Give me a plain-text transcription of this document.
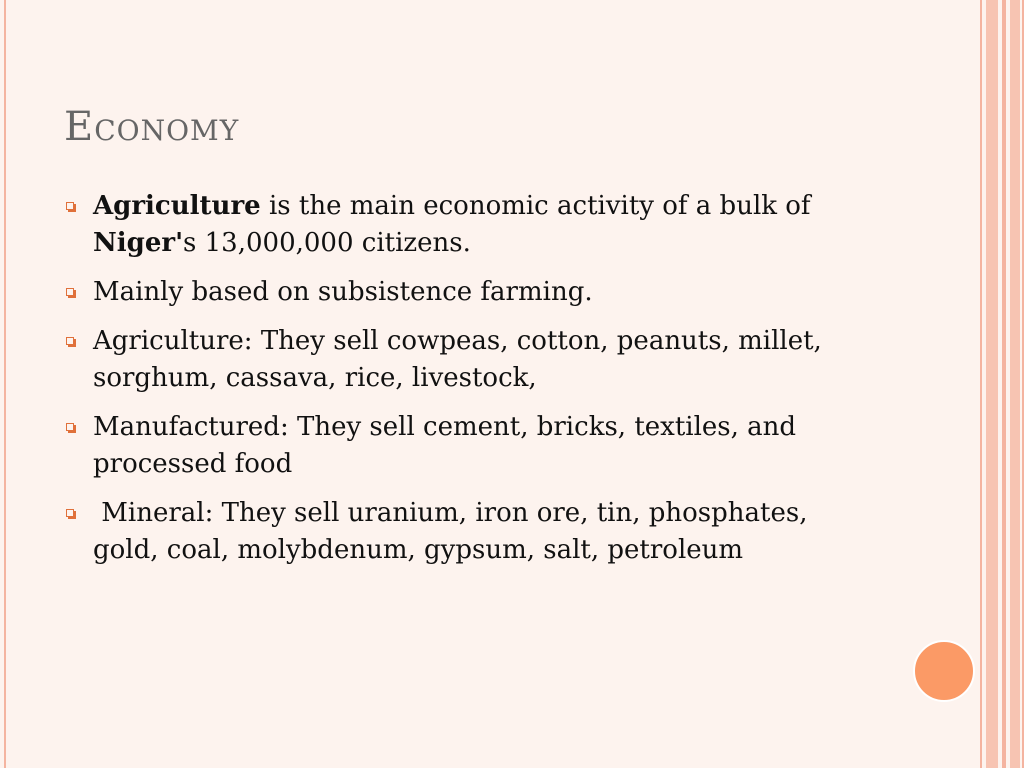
ECONOMY
Agriculture is the main economic activity of a bulk of Niger's 13,000,000 citizens.
Mainly based on subsistence farming.
Agriculture: They sell cowpeas, cotton, peanuts, millet, sorghum, cassava, rice, livestock,
Manufactured: They sell cement, bricks, textiles, and processed food
Mineral: They sell uranium, iron ore, tin, phosphates, gold, coal, molybdenum, gypsum, salt, petroleum
